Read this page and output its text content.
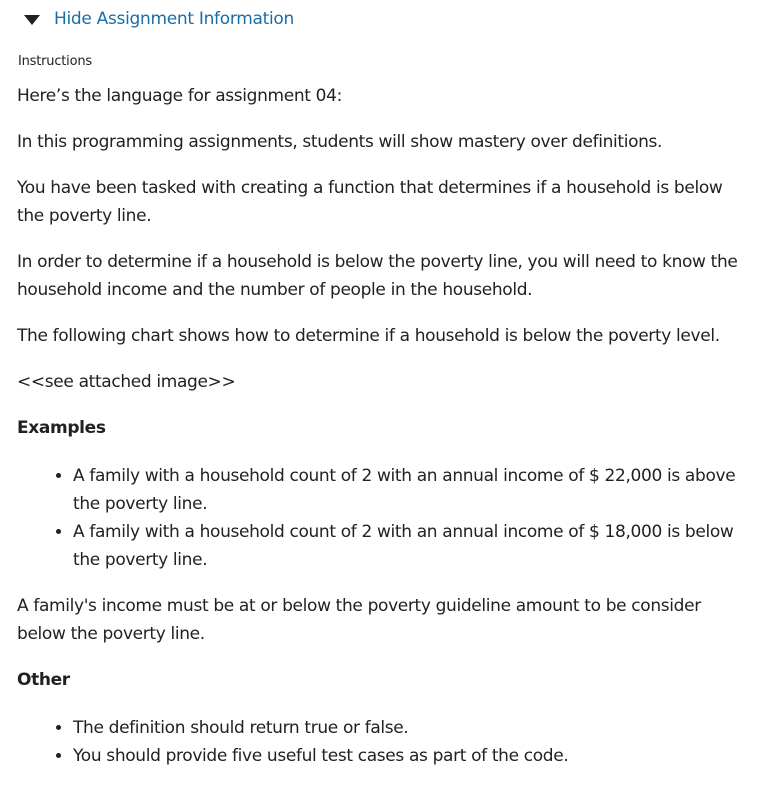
Hide Assignment Information
Instructions

Here’s the language for assignment 04:

In this programming assignments, students will show mastery over definitions.

You have been tasked with creating a function that determines if a household is below the poverty line.

In order to determine if a household is below the poverty line, you will need to know the household income and the number of people in the household.

The following chart shows how to determine if a household is below the poverty level.

<<see attached image>>

Examples
• A family with a household count of 2 with an annual income of $ 22,000 is above the poverty line.
• A family with a household count of 2 with an annual income of $ 18,000 is below the poverty line.

A family's income must be at or below the poverty guideline amount to be consider below the poverty line.

Other
• The definition should return true or false.
• You should provide five useful test cases as part of the code.
